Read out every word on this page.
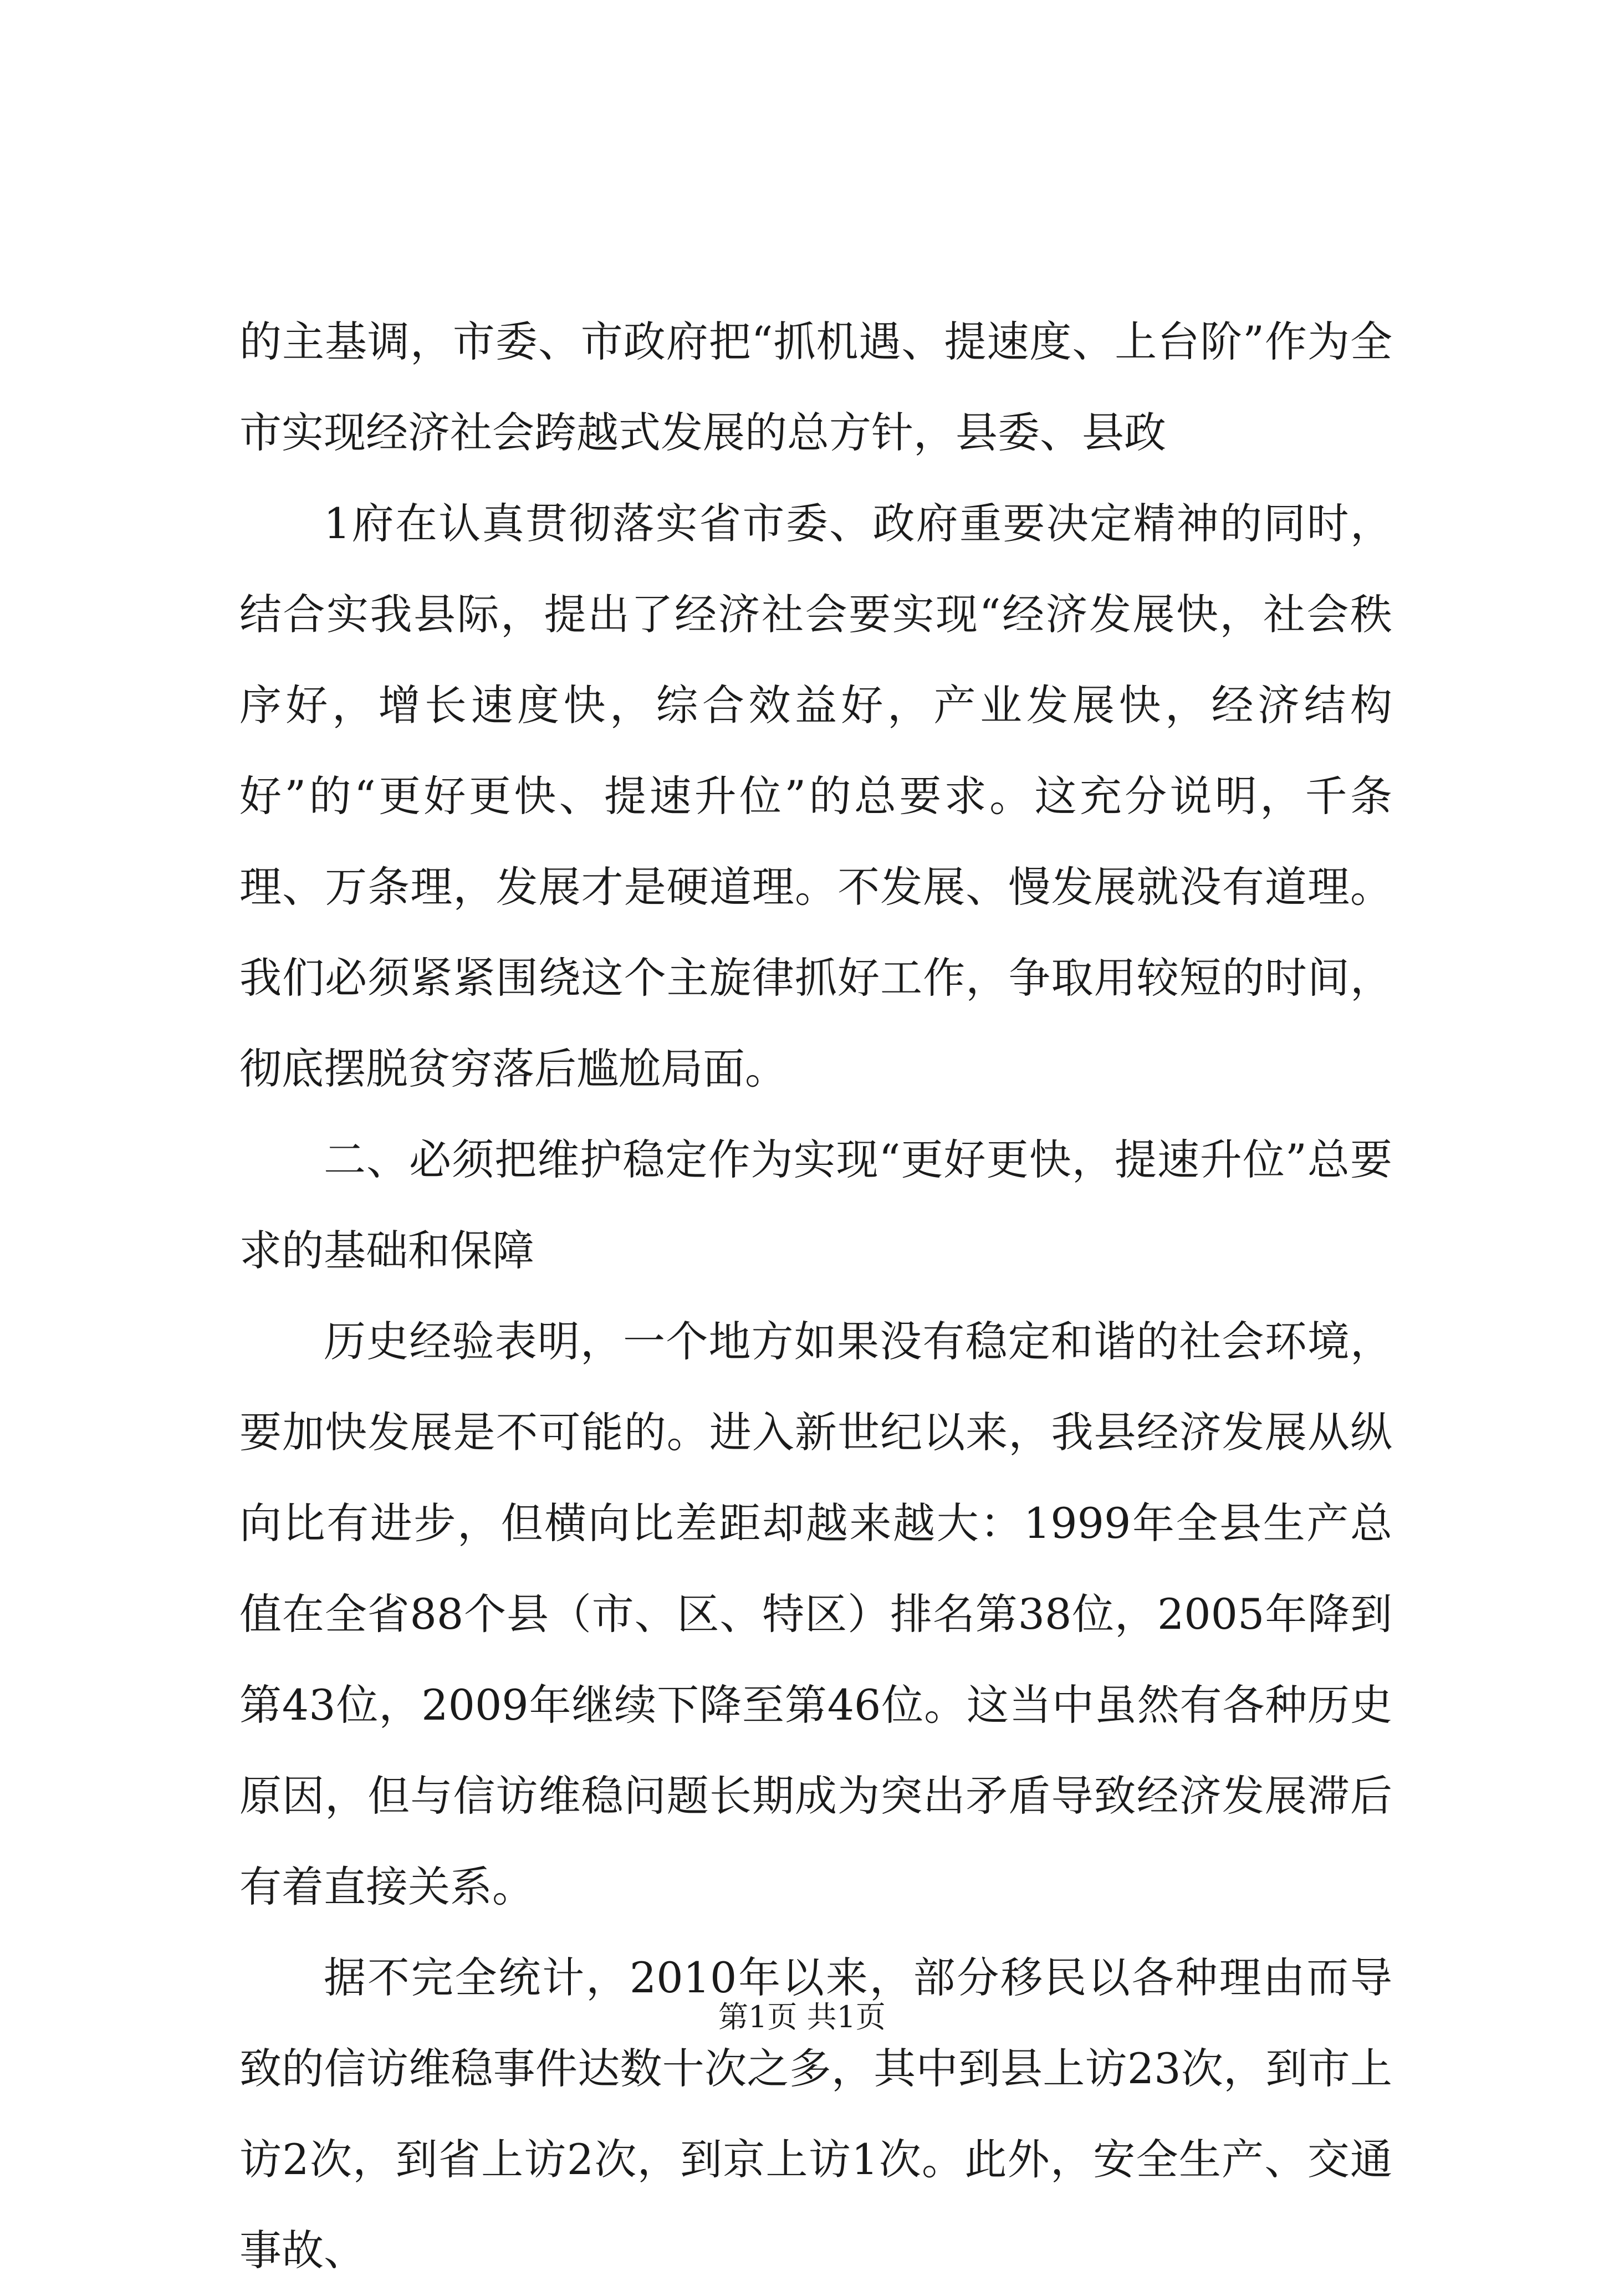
的主基调，市委、市政府把“抓机遇、提速度、上台阶”作为全市实现经济社会跨越式发展的总方针，县委、县政

1府在认真贯彻落实省市委、政府重要决定精神的同时，结合实我县际，提出了经济社会要实现“经济发展快，社会秩序好，增长速度快，综合效益好，产业发展快，经济结构好”的“更好更快、提速升位”的总要求。这充分说明，千条理、万条理，发展才是硬道理。不发展、慢发展就没有道理。我们必须紧紧围绕这个主旋律抓好工作，争取用较短的时间，彻底摆脱贫穷落后尴尬局面。

二、必须把维护稳定作为实现“更好更快，提速升位”总要求的基础和保障

历史经验表明，一个地方如果没有稳定和谐的社会环境，要加快发展是不可能的。进入新世纪以来，我县经济发展从纵向比有进步，但横向比差距却越来越大：1999年全县生产总值在全省88个县（市、区、特区）排名第38位，2005年降到第43位，2009年继续下降至第46位。这当中虽然有各种历史原因，但与信访维稳问题长期成为突出矛盾导致经济发展滞后有着直接关系。

据不完全统计，2010年以来，部分移民以各种理由而导致的信访维稳事件达数十次之多，其中到县上访23次，到市上访2次，到省上访2次，到京上访1次。此外，安全生产、交通事故、

第1页 共1页
